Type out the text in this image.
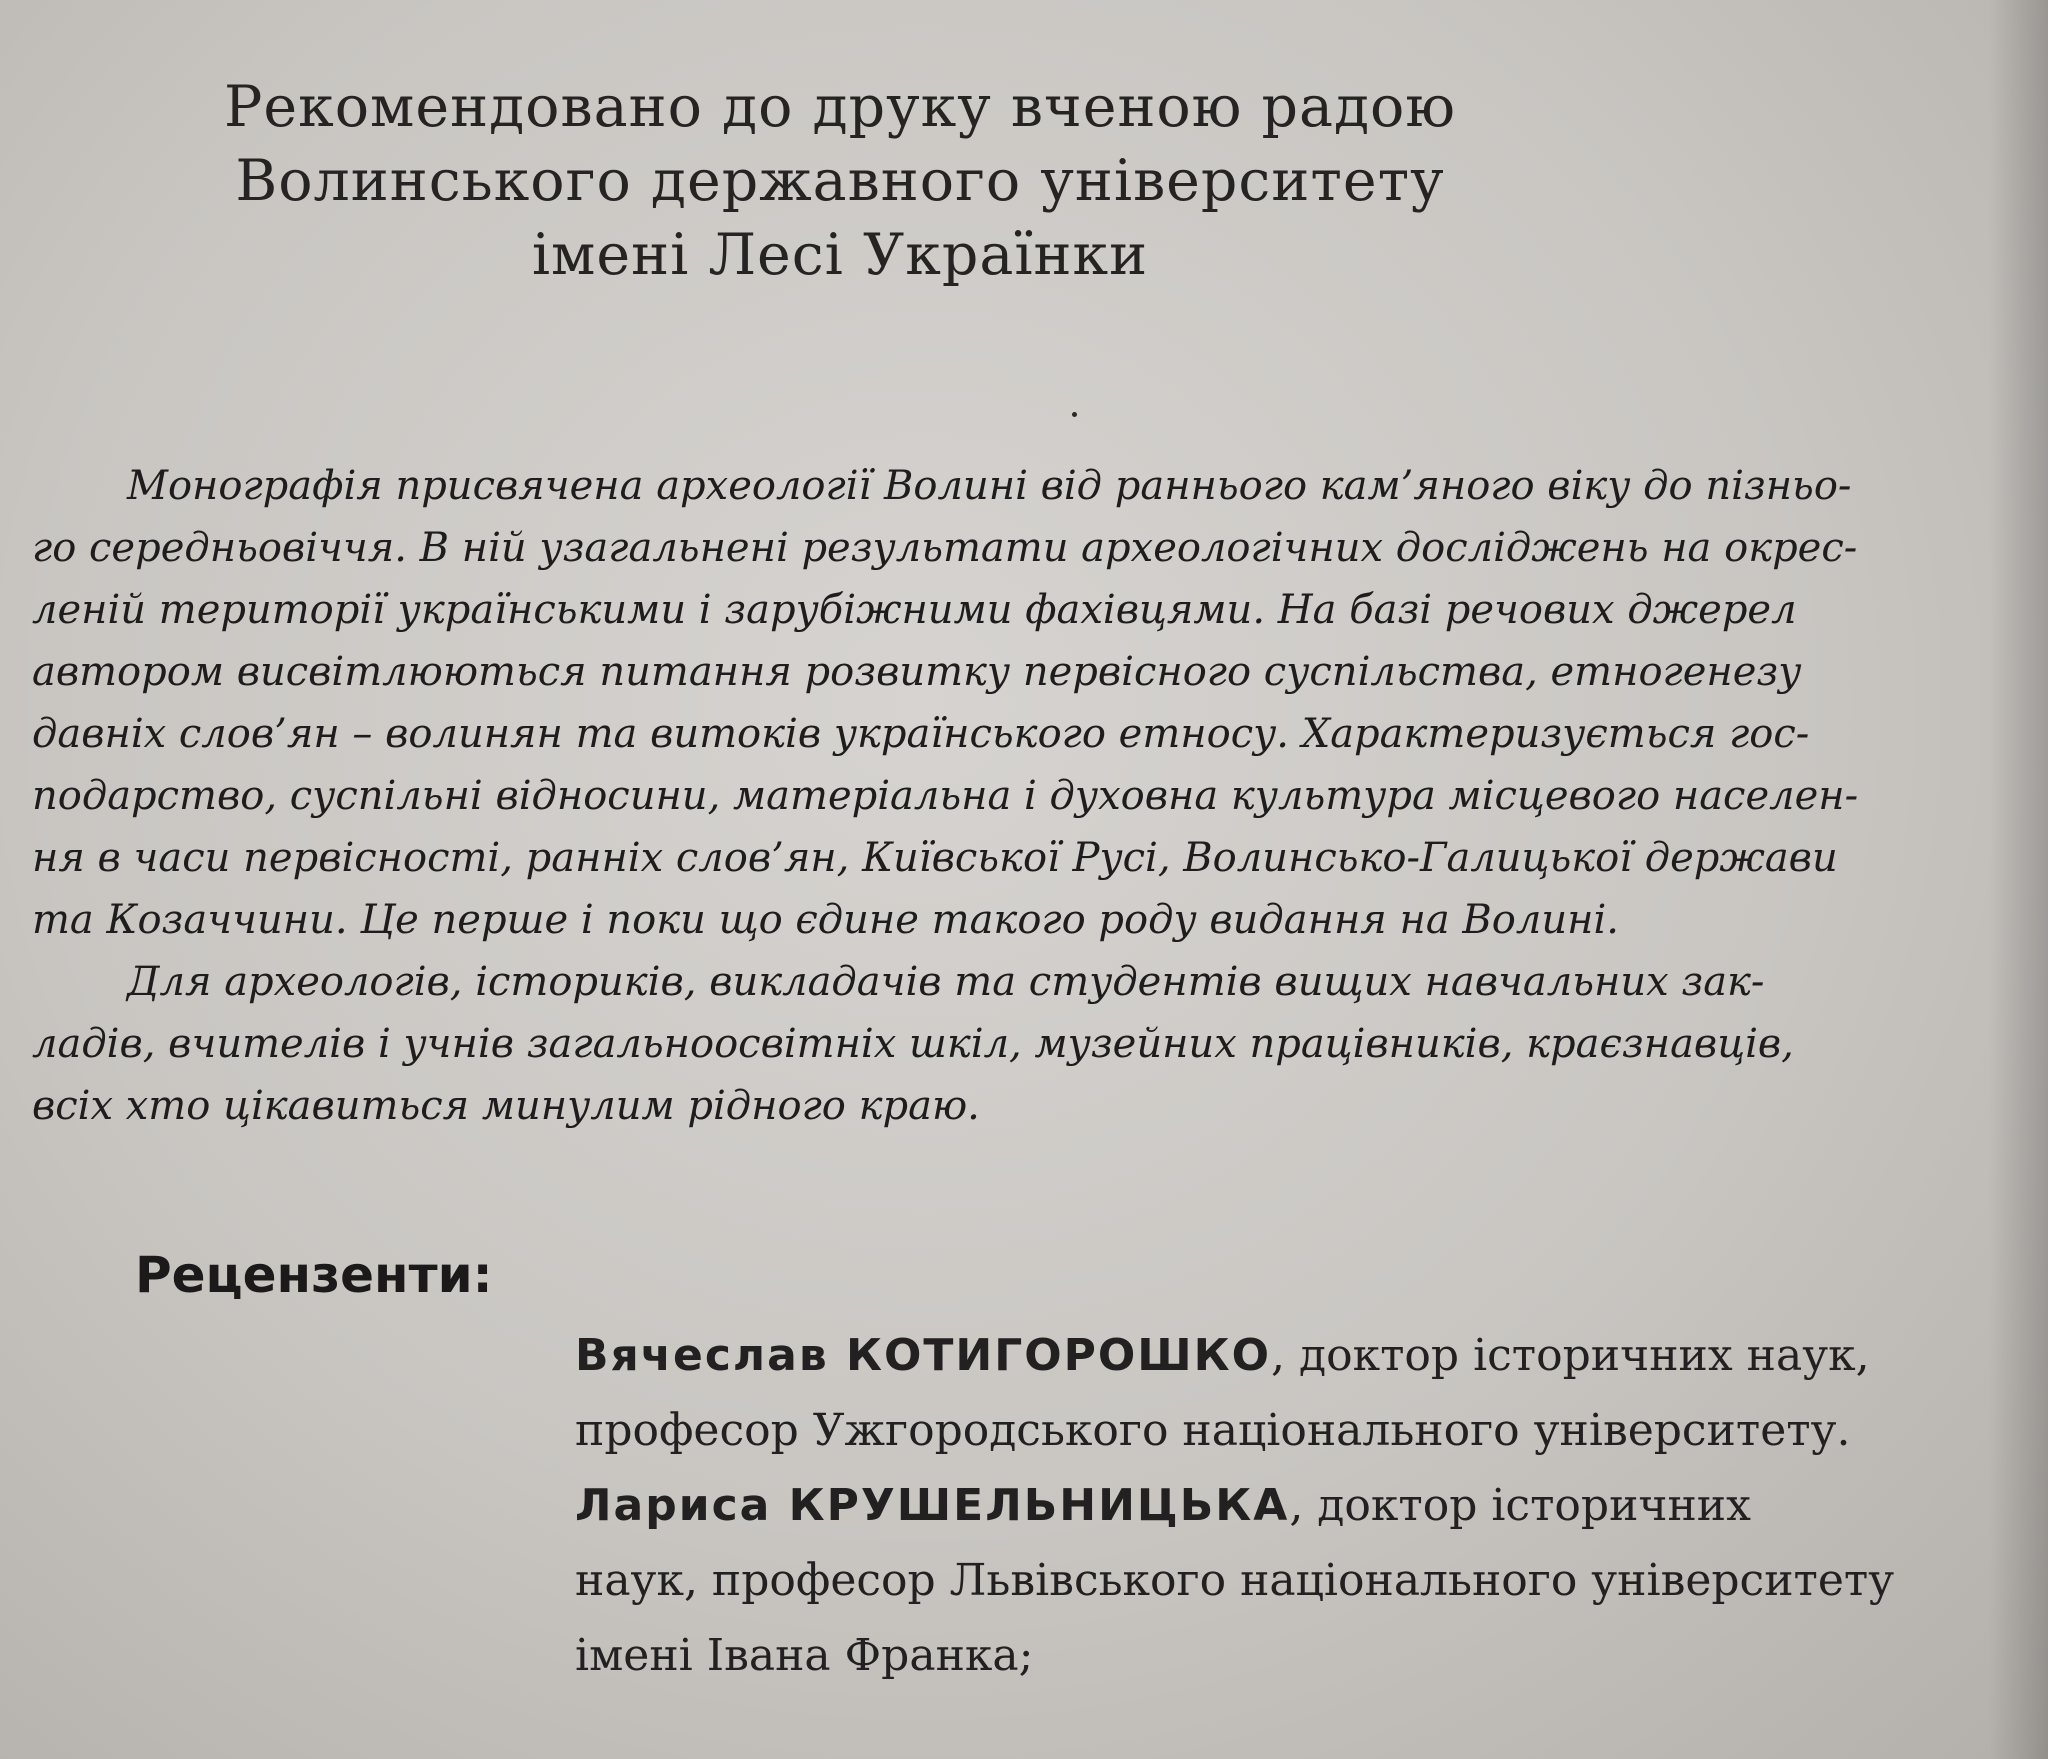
Рекомендовано до друку вченою радою
Волинського державного університету
імені Лесі Українки
Монографія присвячена археології Волині від раннього кам’яного віку до пізньо-
го середньовіччя. В ній узагальнені результати археологічних досліджень на окрес-
леній території українськими і зарубіжними фахівцями. На базі речових джерел
автором висвітлюються питання розвитку первісного суспільства, етногенезу
давніх слов’ян – волинян та витоків українського етносу. Характеризується гос-
подарство, суспільні відносини, матеріальна і духовна культура місцевого населен-
ня в часи первісності, ранніх слов’ян, Київської Русі, Волинсько-Галицької держави
та Козаччини. Це перше і поки що єдине такого роду видання на Волині.
Для археологів, істориків, викладачів та студентів вищих навчальних зак-
ладів, вчителів і учнів загальноосвітніх шкіл, музейних працівників, краєзнавців,
всіх хто цікавиться минулим рідного краю.
Рецензенти:
Вячеслав КОТИГОРОШКО, доктор історичних наук,
професор Ужгородського національного університету.
Лариса КРУШЕЛЬНИЦЬКА, доктор історичних
наук, професор Львівського національного університету
імені Івана Франка;
